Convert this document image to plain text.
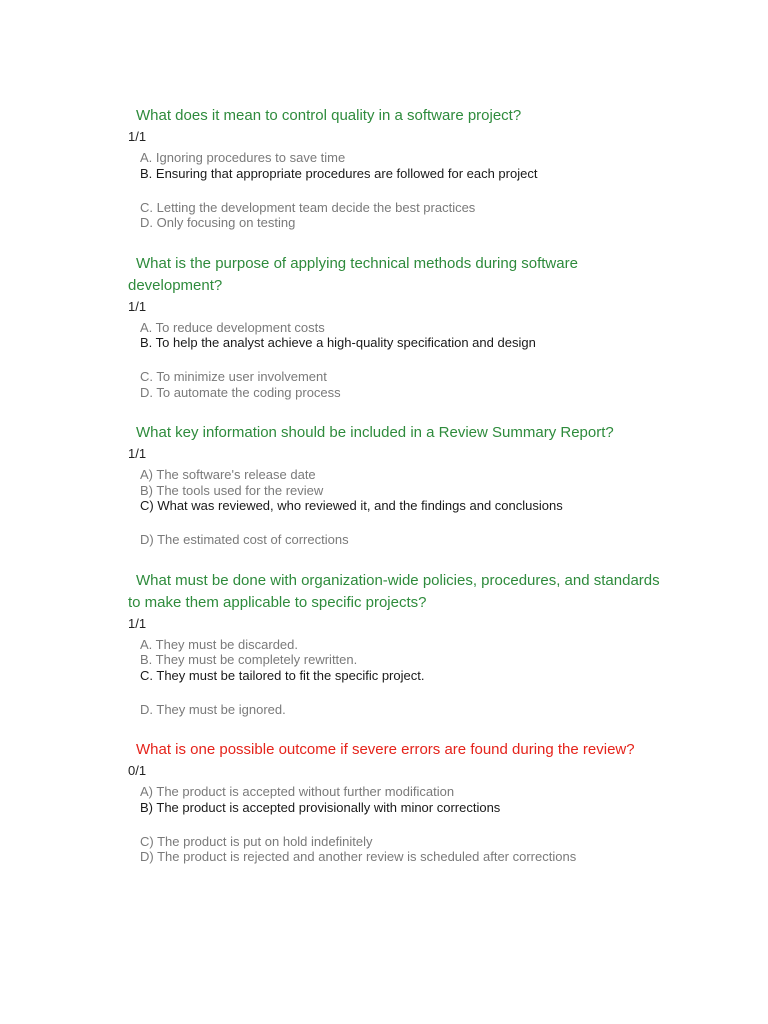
What does it mean to control quality in a software project?

1/1
A. Ignoring procedures to save time
B. Ensuring that appropriate procedures are followed for each project
C. Letting the development team decide the best practices
D. Only focusing on testing

What is the purpose of applying technical methods during software development?

1/1
A. To reduce development costs
B. To help the analyst achieve a high-quality specification and design
C. To minimize user involvement
D. To automate the coding process

What key information should be included in a Review Summary Report?

1/1
A) The software's release date
B) The tools used for the review
C) What was reviewed, who reviewed it, and the findings and conclusions
D) The estimated cost of corrections

What must be done with organization-wide policies, procedures, and standards to make them applicable to specific projects?

1/1
A. They must be discarded.
B. They must be completely rewritten.
C. They must be tailored to fit the specific project.
D. They must be ignored.

What is one possible outcome if severe errors are found during the review?

0/1
A) The product is accepted without further modification
B) The product is accepted provisionally with minor corrections
C) The product is put on hold indefinitely
D) The product is rejected and another review is scheduled after corrections
